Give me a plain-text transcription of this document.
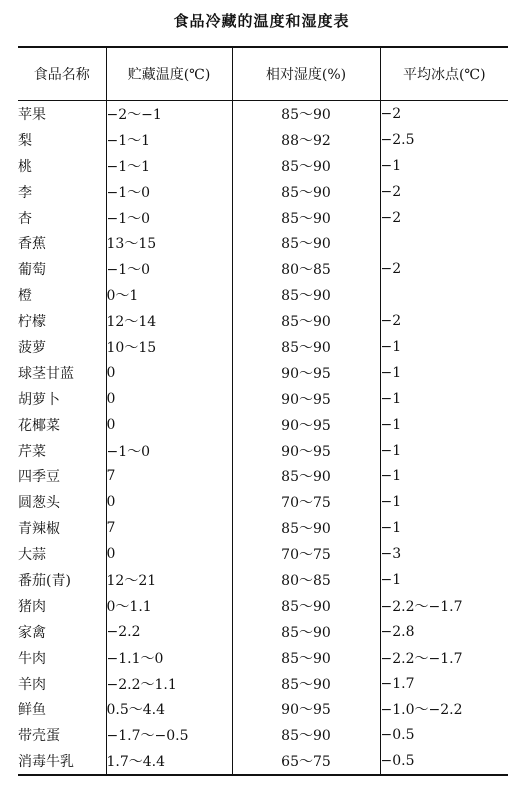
食品冷藏的温度和湿度表
食品名称	贮藏温度(℃)	相对湿度(%)	平均冰点(℃)
苹果	−2～−1	85～90	−2
梨	−1～1	88～92	−2.5
桃	−1～1	85～90	−1
李	−1～0	85～90	−2
杏	−1～0	85～90	−2
香蕉	13～15	85～90	
葡萄	−1～0	80～85	−2
橙	0～1	85～90	
柠檬	12～14	85～90	−2
菠萝	10～15	85～90	−1
球茎甘蓝	0	90～95	−1
胡萝卜	0	90～95	−1
花椰菜	0	90～95	−1
芹菜	−1～0	90～95	−1
四季豆	7	85～90	−1
圆葱头	0	70～75	−1
青辣椒	7	85～90	−1
大蒜	0	70～75	−3
番茄(青)	12～21	80～85	−1
猪肉	0～1.1	85～90	−2.2～−1.7
家禽	−2.2	85～90	−2.8
牛肉	−1.1～0	85～90	−2.2～−1.7
羊肉	−2.2～1.1	85～90	−1.7
鲜鱼	0.5～4.4	90～95	−1.0～−2.2
带壳蛋	−1.7～−0.5	85～90	−0.5
消毒牛乳	1.7～4.4	65～75	−0.5
